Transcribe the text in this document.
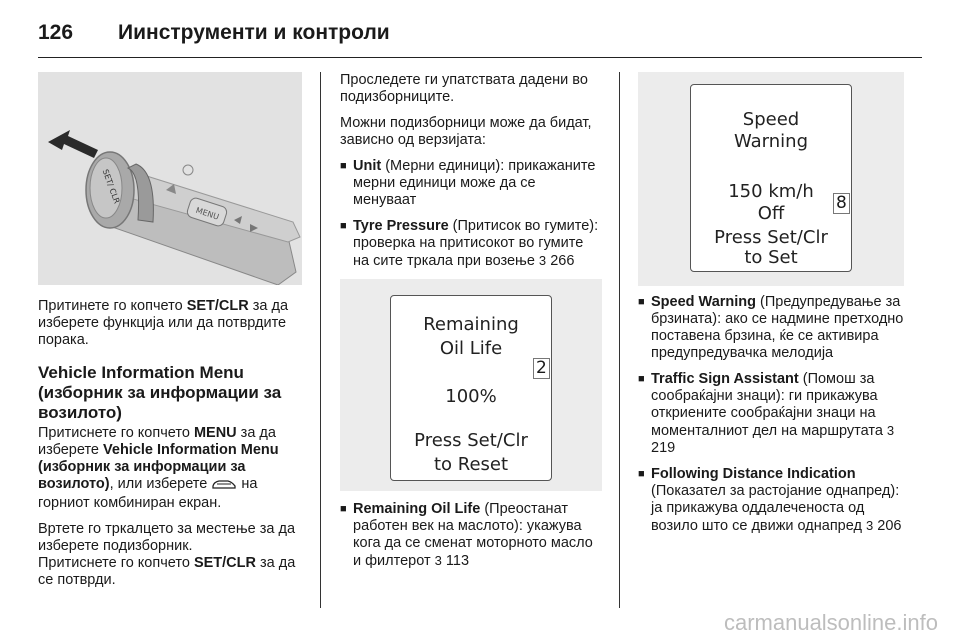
126	Иинструменти и контроли
SET/ CLR
MENU

Притинете го копчето SET/CLR за да изберете функција или да потврдите порака.

Vehicle Information Menu (изборник за информации за возилото)

Притиснете го копчето MENU за да изберете Vehicle Information Menu (изборник за информации за возилото), или изберете  на горниот комбиниран екран.

Вртете го тркалцето за местење за да изберете подизборник.

Притиснете го копчето SET/CLR за да се потврди.

Проследете ги упатствата дадени во подизборниците.

Можни подизборници може да бидат, зависно од верзијата:

■ Unit (Мерни единици): прикажаните мерни единици може да се менуваат
■ Tyre Pressure (Притисок во гумите): проверка на притисокот во гумите на сите тркала при возење 3 266
Remaining
Oil Life
100%
Press Set/Clr
to Reset
2
■ Remaining Oil Life (Преостанат работен век на маслото): укажува кога да се сменат моторното масло и филтерот 3 113
Speed
Warning
150 km/h
Off
Press Set/Clr
to Set
8
■ Speed Warning (Предупредување за брзината): ако се надмине претходно поставена брзина, ќе се активира предупредувачка мелодија
■ Traffic Sign Assistant (Помош за сообраќајни знаци): ги прикажува откриените сообраќајни знаци на моменталниот дел на маршрутата 3 219
■ Following Distance Indication (Показател за растојание однапред): ја прикажува оддалеченоста од возило што се движи однапред 3 206
carmanualsonline.info
